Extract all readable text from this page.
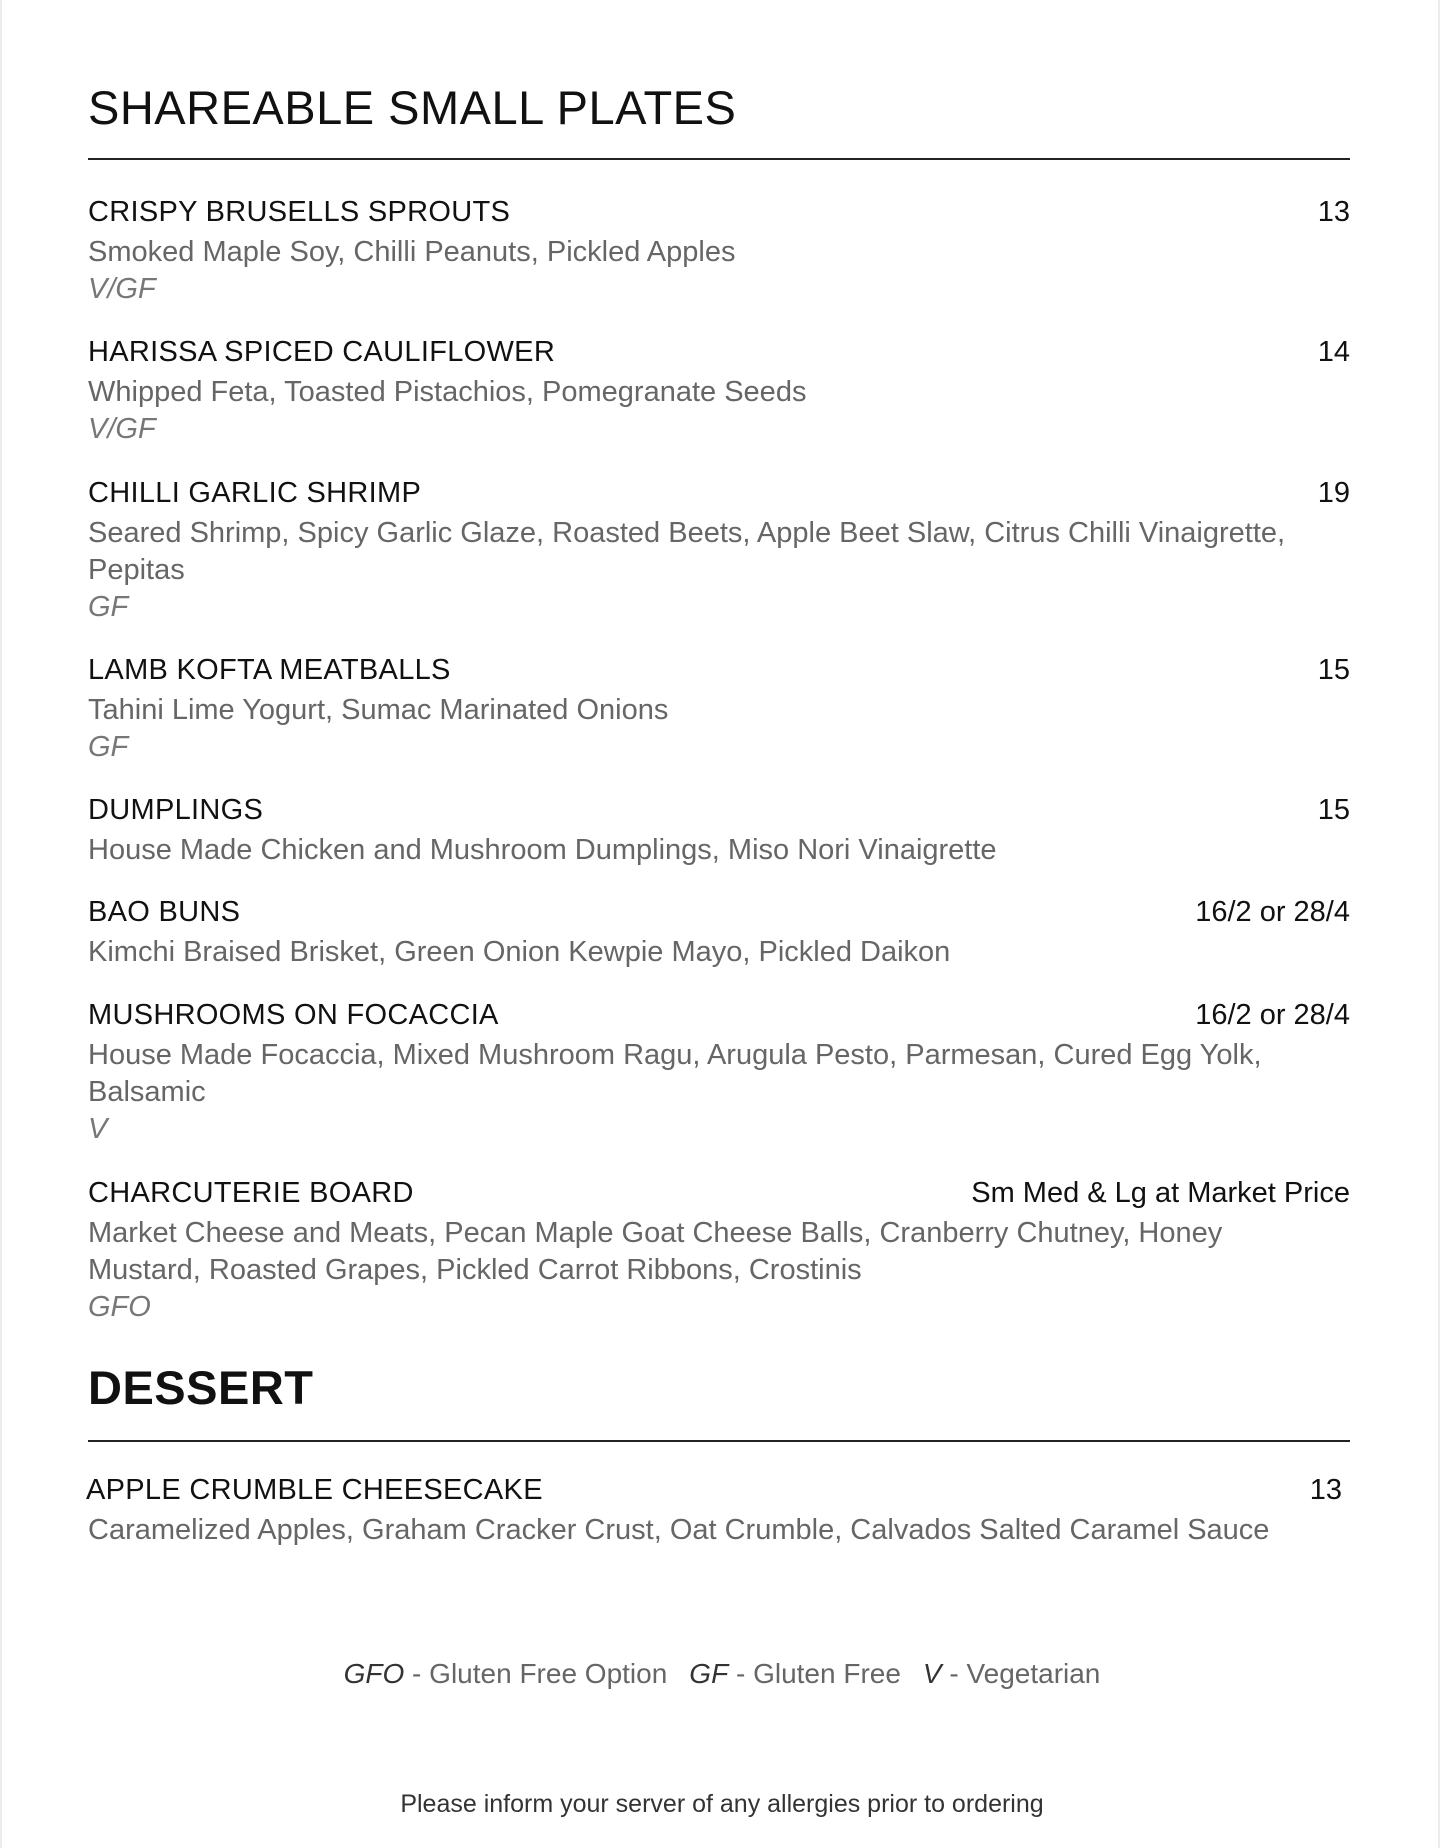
SHAREABLE SMALL PLATES
CRISPY BRUSELLS SPROUTS	13
Smoked Maple Soy, Chilli Peanuts, Pickled Apples
V/GF
HARISSA SPICED CAULIFLOWER	14
Whipped Feta, Toasted Pistachios, Pomegranate Seeds
V/GF
CHILLI GARLIC SHRIMP	19
Seared Shrimp, Spicy Garlic Glaze, Roasted Beets, Apple Beet Slaw, Citrus Chilli Vinaigrette, Pepitas
GF
LAMB KOFTA MEATBALLS	15
Tahini Lime Yogurt, Sumac Marinated Onions
GF
DUMPLINGS	15
House Made Chicken and Mushroom Dumplings, Miso Nori Vinaigrette
BAO BUNS	16/2 or 28/4
Kimchi Braised Brisket, Green Onion Kewpie Mayo, Pickled Daikon
MUSHROOMS ON FOCACCIA	16/2 or 28/4
House Made Focaccia, Mixed Mushroom Ragu, Arugula Pesto, Parmesan, Cured Egg Yolk, Balsamic
V
CHARCUTERIE BOARD	Sm Med & Lg at Market Price
Market Cheese and Meats, Pecan Maple Goat Cheese Balls, Cranberry Chutney, Honey Mustard, Roasted Grapes, Pickled Carrot Ribbons, Crostinis
GFO
DESSERT
APPLE CRUMBLE CHEESECAKE	13
Caramelized Apples, Graham Cracker Crust, Oat Crumble, Calvados Salted Caramel Sauce
GFO - Gluten Free Option GF - Gluten Free V - Vegetarian
Please inform your server of any allergies prior to ordering
